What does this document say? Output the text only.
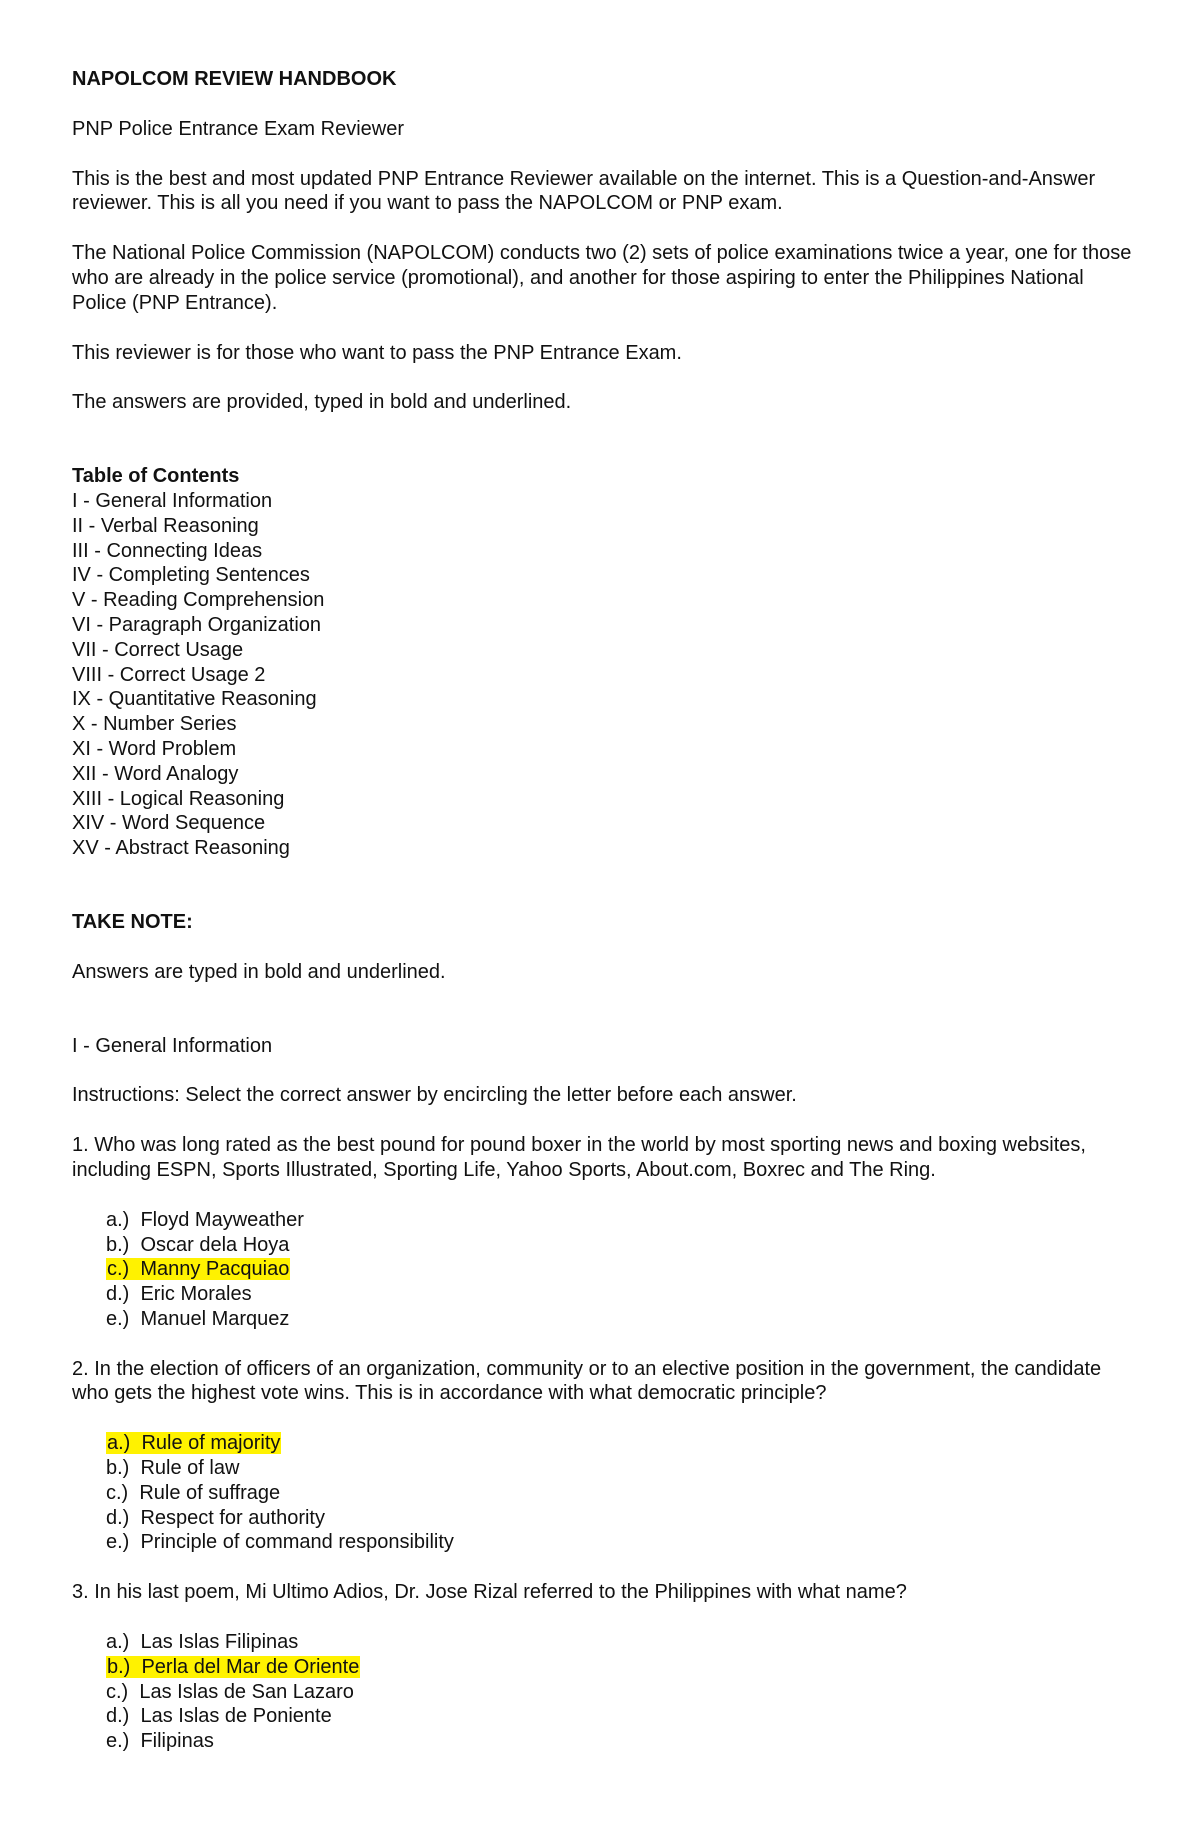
NAPOLCOM REVIEW HANDBOOK

PNP Police Entrance Exam Reviewer

This is the best and most updated PNP Entrance Reviewer available on the internet. This is a Question-and-Answer reviewer. This is all you need if you want to pass the NAPOLCOM or PNP exam.

The National Police Commission (NAPOLCOM) conducts two (2) sets of police examinations twice a year, one for those who are already in the police service (promotional), and another for those aspiring to enter the Philippines National Police (PNP Entrance).

This reviewer is for those who want to pass the PNP Entrance Exam.

The answers are provided, typed in bold and underlined.

Table of Contents

I - General Information
II - Verbal Reasoning
III - Connecting Ideas
IV - Completing Sentences
V - Reading Comprehension
VI - Paragraph Organization
VII - Correct Usage
VIII - Correct Usage 2
IX - Quantitative Reasoning
X - Number Series
XI - Word Problem
XII - Word Analogy
XIII - Logical Reasoning
XIV - Word Sequence
XV - Abstract Reasoning

TAKE NOTE:

Answers are typed in bold and underlined.

I - General Information

Instructions: Select the correct answer by encircling the letter before each answer.

1. Who was long rated as the best pound for pound boxer in the world by most sporting news and boxing websites, including ESPN, Sports Illustrated, Sporting Life, Yahoo Sports, About.com, Boxrec and The Ring.

a.)  Floyd Mayweather
b.)  Oscar dela Hoya
c.)  Manny Pacquiao
d.)  Eric Morales
e.)  Manuel Marquez

2. In the election of officers of an organization, community or to an elective position in the government, the candidate who gets the highest vote wins. This is in accordance with what democratic principle?

a.)  Rule of majority
b.)  Rule of law
c.)  Rule of suffrage
d.)  Respect for authority
e.)  Principle of command responsibility

3. In his last poem, Mi Ultimo Adios, Dr. Jose Rizal referred to the Philippines with what name?

a.)  Las Islas Filipinas
b.)  Perla del Mar de Oriente
c.)  Las Islas de San Lazaro
d.)  Las Islas de Poniente
e.)  Filipinas
